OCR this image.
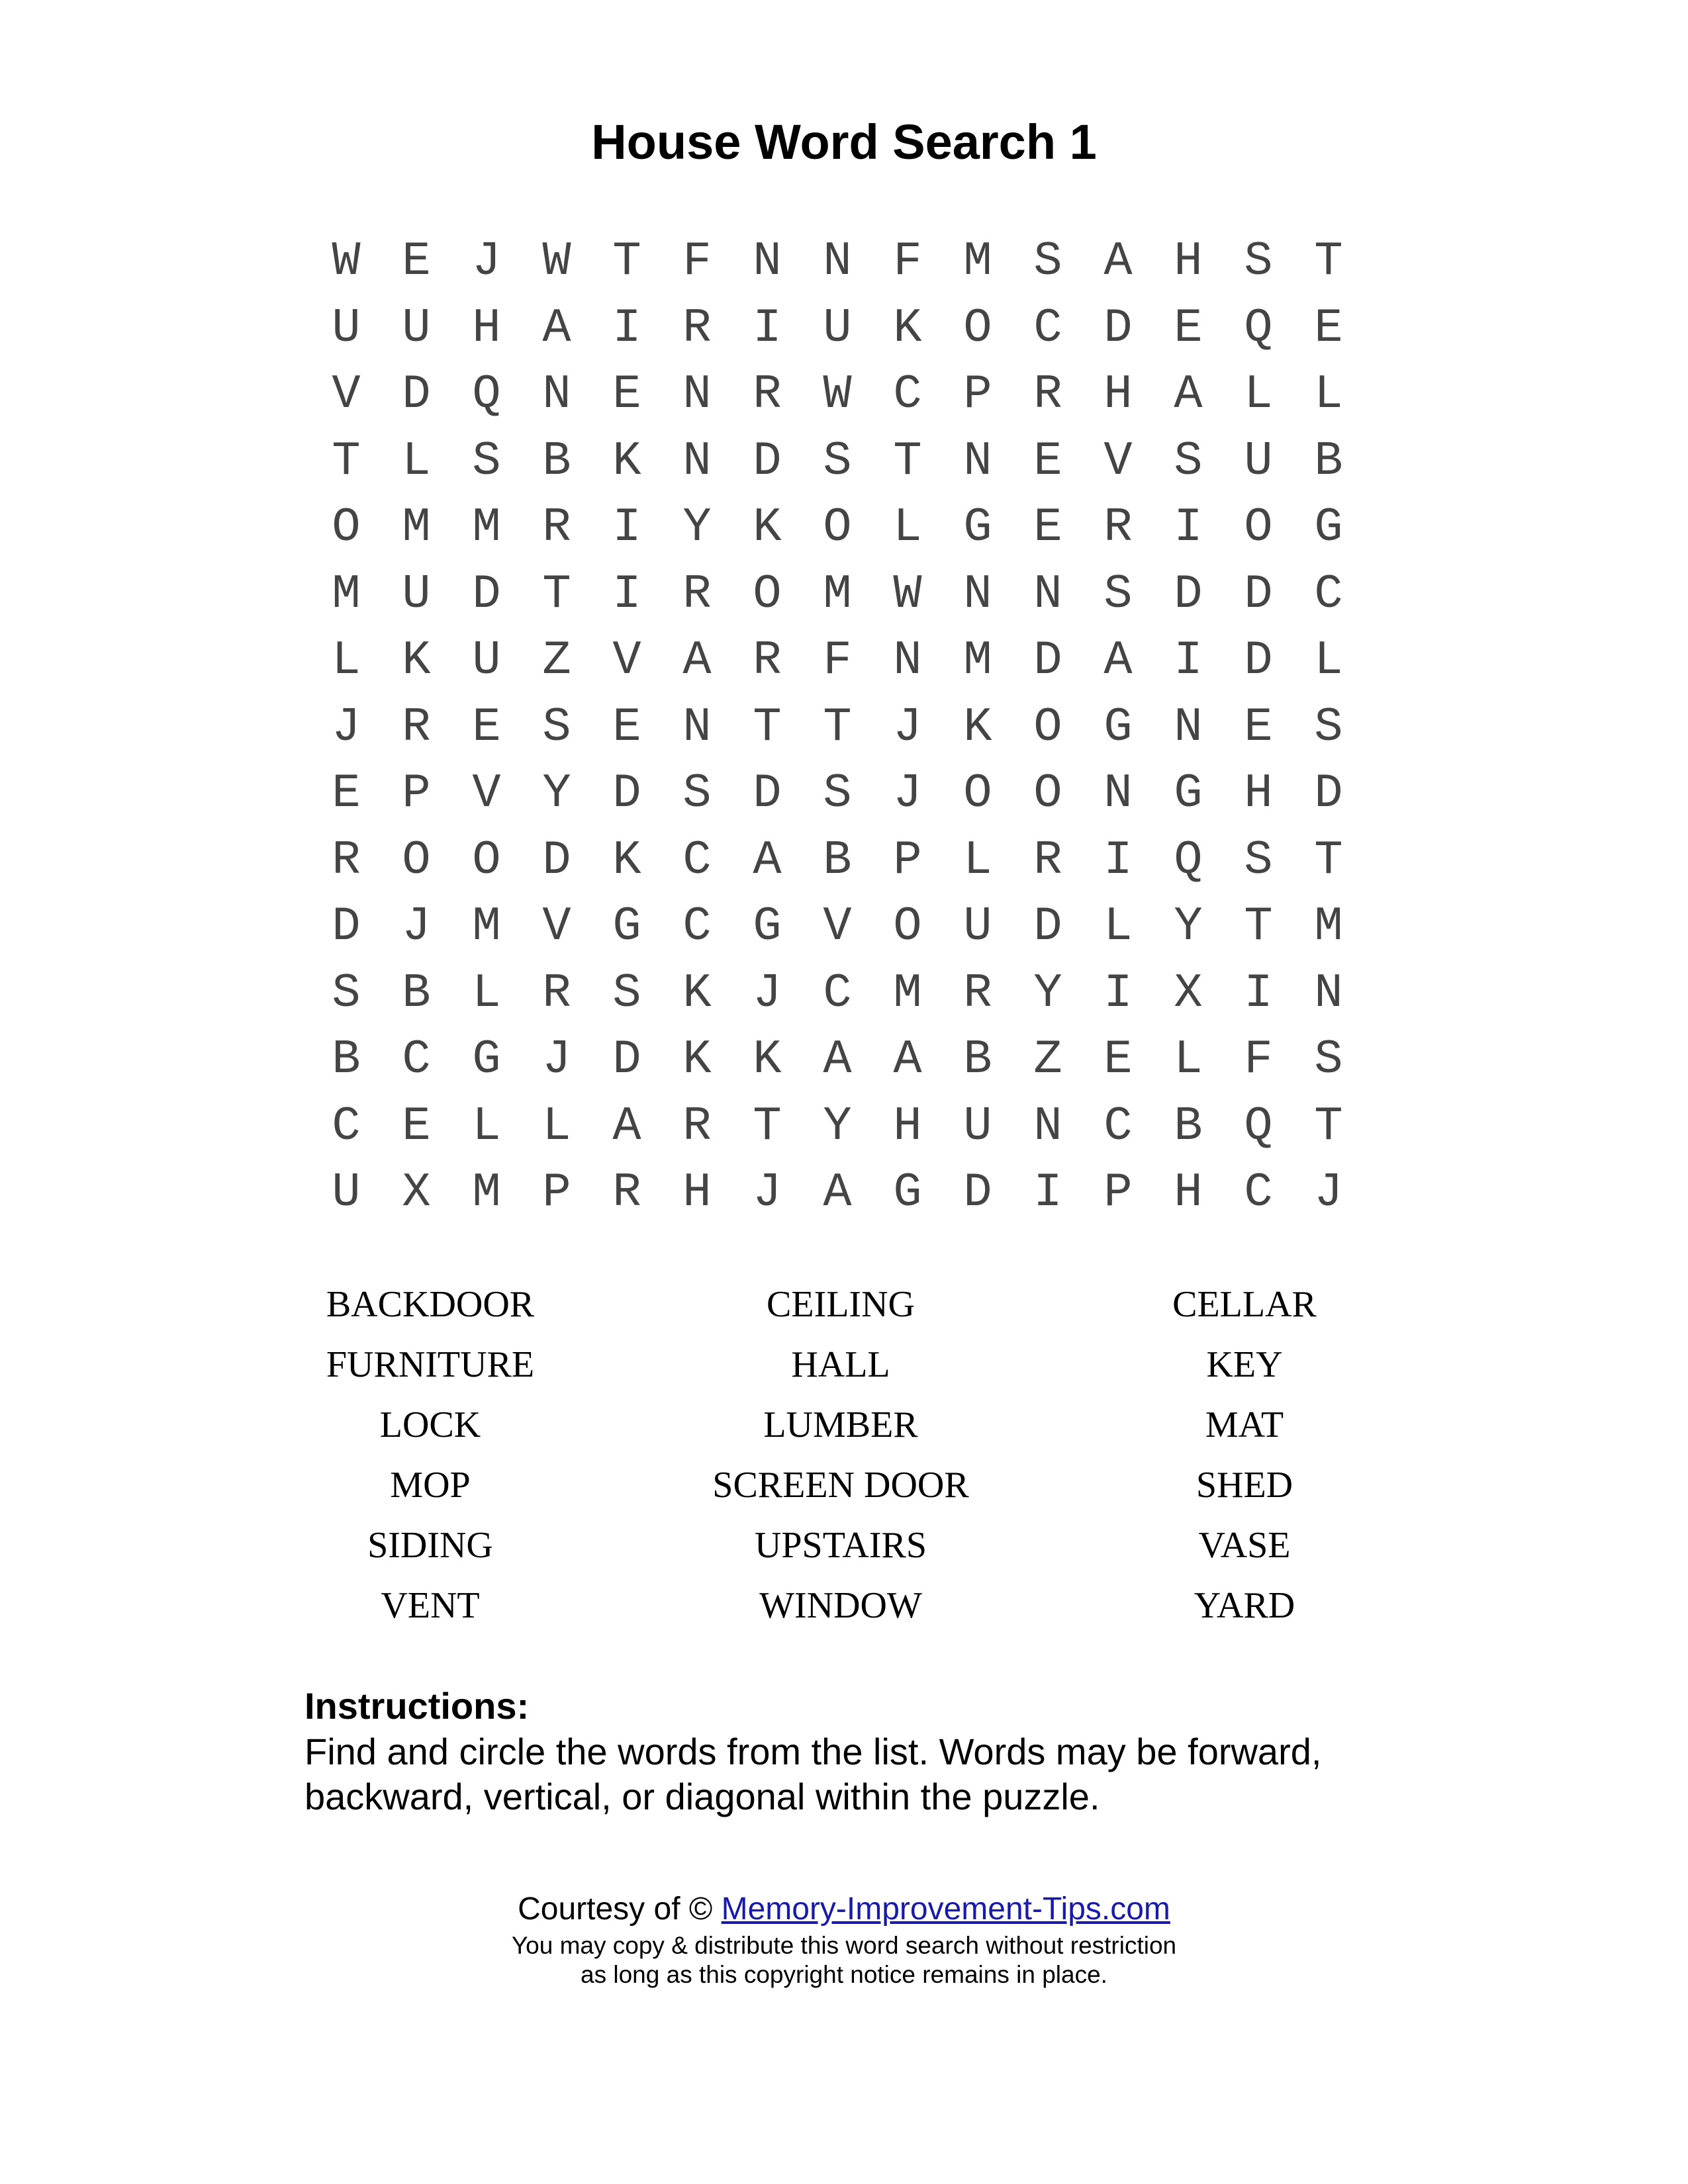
House Word Search 1
W E J W T F N N F M S A H S T
U U H A I R I U K O C D E Q E
V D Q N E N R W C P R H A L L
T L S B K N D S T N E V S U B
O M M R I Y K O L G E R I O G
M U D T I R O M W N N S D D C
L K U Z V A R F N M D A I D L
J R E S E N T T J K O G N E S
E P V Y D S D S J O O N G H D
R O O D K C A B P L R I Q S T
D J M V G C G V O U D L Y T M
S B L R S K J C M R Y I X I N
B C G J D K K A A B Z E L F S
C E L L A R T Y H U N C B Q T
U X M P R H J A G D I P H C J
BACKDOOR	CEILING	CELLAR
FURNITURE	HALL	KEY
LOCK	LUMBER	MAT
MOP	SCREEN DOOR	SHED
SIDING	UPSTAIRS	VASE
VENT	WINDOW	YARD
Instructions:
Find and circle the words from the list. Words may be forward, backward, vertical, or diagonal within the puzzle.
Courtesy of © Memory-Improvement-Tips.com
You may copy & distribute this word search without restriction
as long as this copyright notice remains in place.
